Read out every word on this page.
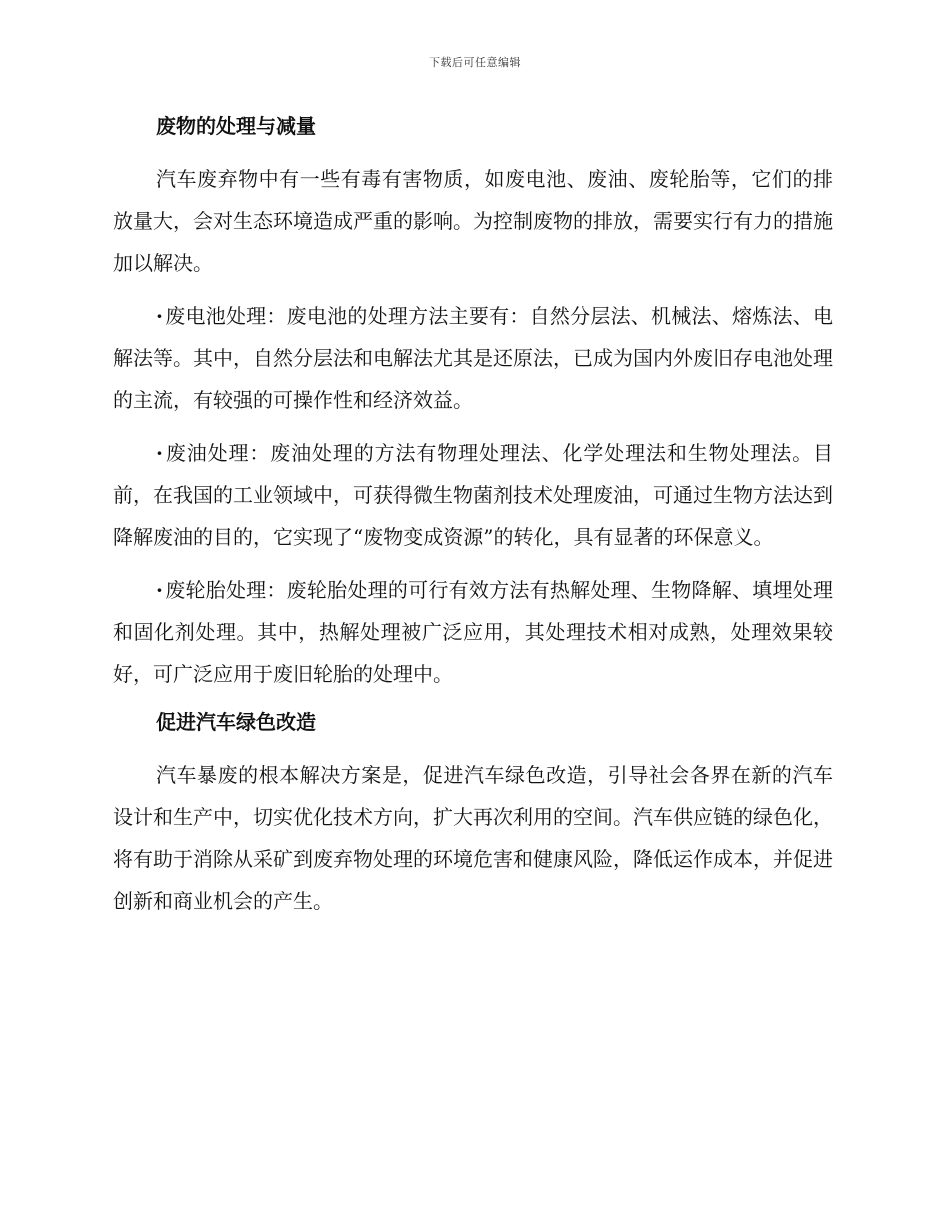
下载后可任意编辑
废物的处理与减量

汽车废弃物中有一些有毒有害物质，如废电池、废油、废轮胎等，它们的排放量大，会对生态环境造成严重的影响。为控制废物的排放，需要实行有力的措施加以解决。

· 废电池处理：废电池的处理方法主要有：自然分层法、机械法、熔炼法、电解法等。其中，自然分层法和电解法尤其是还原法，已成为国内外废旧存电池处理的主流，有较强的可操作性和经济效益。

· 废油处理：废油处理的方法有物理处理法、化学处理法和生物处理法。目前，在我国的工业领域中，可获得微生物菌剂技术处理废油，可通过生物方法达到降解废油的目的，它实现了“废物变成资源”的转化，具有显著的环保意义。

· 废轮胎处理：废轮胎处理的可行有效方法有热解处理、生物降解、填埋处理和固化剂处理。其中，热解处理被广泛应用，其处理技术相对成熟，处理效果较好，可广泛应用于废旧轮胎的处理中。

促进汽车绿色改造

汽车暴废的根本解决方案是，促进汽车绿色改造，引导社会各界在新的汽车设计和生产中，切实优化技术方向，扩大再次利用的空间。汽车供应链的绿色化，将有助于消除从采矿到废弃物处理的环境危害和健康风险，降低运作成本，并促进创新和商业机会的产生。
